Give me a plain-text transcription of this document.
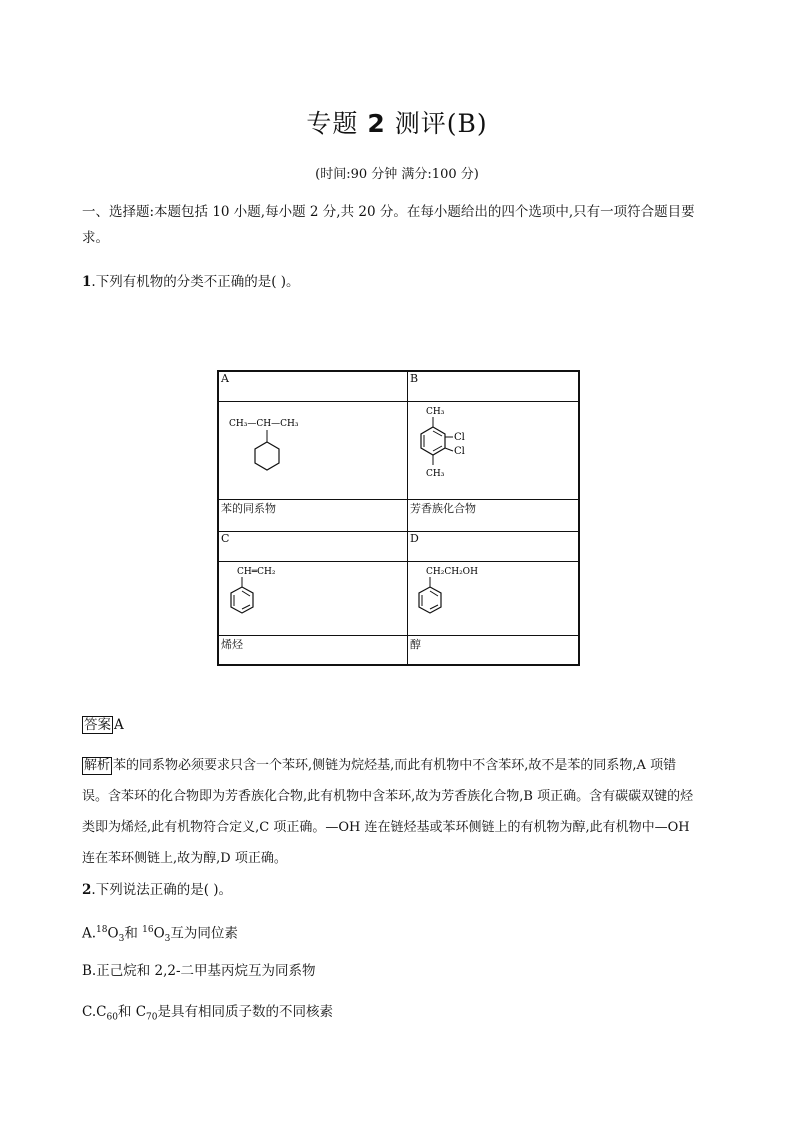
专题 2 测评(B)
(时间:90 分钟 满分:100 分)
一、选择题:本题包括 10 小题,每小题 2 分,共 20 分。在每小题给出的四个选项中,只有一项符合题目要求。
1.下列有机物的分类不正确的是( )。
A	B

CH₃—CH—CH₃	CH₃
Cl
Cl
CH₃

苯的同系物	芳香族化合物
C	D

CH═CH₂	CH₂CH₂OH

烯烃	醇
答案 A
解析 苯的同系物必须要求只含一个苯环,侧链为烷烃基,而此有机物中不含苯环,故不是苯的同系物,A 项错误。含苯环的化合物即为芳香族化合物,此有机物中含苯环,故为芳香族化合物,B 项正确。含有碳碳双键的烃类即为烯烃,此有机物符合定义,C 项正确。—OH 连在链烃基或苯环侧链上的有机物为醇,此有机物中—OH 连在苯环侧链上,故为醇,D 项正确。
2.下列说法正确的是( )。
$A.^{18}O_3$和 $^{16}O_3$互为同位素
B.正己烷和 2,2-二甲基丙烷互为同系物
$C.C_{60}$和 $C_{70}$是具有相同质子数的不同核素
